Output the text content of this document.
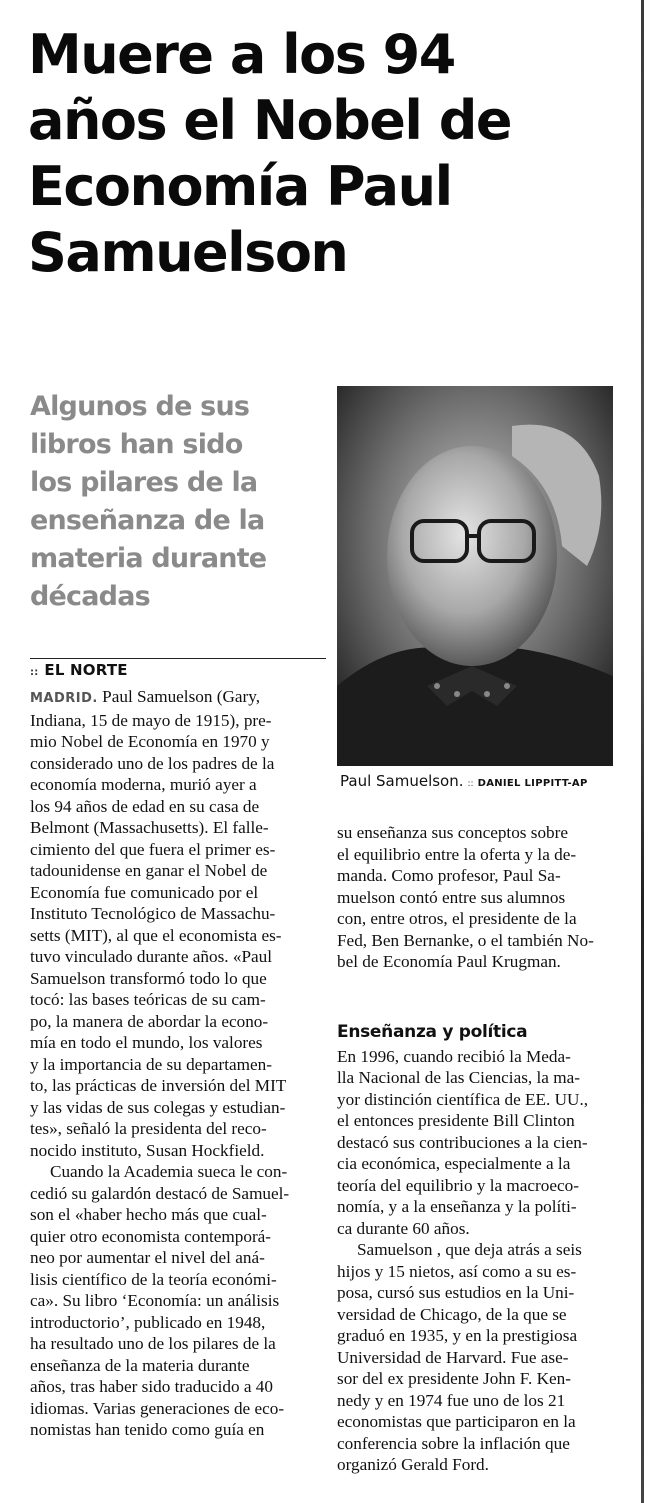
Muere a los 94
años el Nobel de
Economía Paul
Samuelson

Algunos de sus
libros han sido
los pilares de la
enseñanza de la
materia durante
décadas

Paul Samuelson. :: DANIEL LIPPITT-AP
:: EL NORTE
MADRID. Paul Samuelson (Gary,
Indiana, 15 de mayo de 1915), pre-
mio Nobel de Economía en 1970 y
considerado uno de los padres de la
economía moderna, murió ayer a
los 94 años de edad en su casa de
Belmont (Massachusetts). El falle-
cimiento del que fuera el primer es-
tadounidense en ganar el Nobel de
Economía fue comunicado por el
Instituto Tecnológico de Massachu-
setts (MIT), al que el economista es-
tuvo vinculado durante años. «Paul
Samuelson transformó todo lo que
tocó: las bases teóricas de su cam-
po, la manera de abordar la econo-
mía en todo el mundo, los valores
y la importancia de su departamen-
to, las prácticas de inversión del MIT
y las vidas de sus colegas y estudian-
tes», señaló la presidenta del reco-
nocido instituto, Susan Hockfield.
Cuando la Academia sueca le con-
cedió su galardón destacó de Samuel-
son el «haber hecho más que cual-
quier otro economista contemporá-
neo por aumentar el nivel del aná-
lisis científico de la teoría económi-
ca». Su libro ‘Economía: un análisis
introductorio’, publicado en 1948,
ha resultado uno de los pilares de la
enseñanza de la materia durante
años, tras haber sido traducido a 40
idiomas. Varias generaciones de eco-
nomistas han tenido como guía en
su enseñanza sus conceptos sobre
el equilibrio entre la oferta y la de-
manda. Como profesor, Paul Sa-
muelson contó entre sus alumnos
con, entre otros, el presidente de la
Fed, Ben Bernanke, o el también No-
bel de Economía Paul Krugman.
Enseñanza y política
En 1996, cuando recibió la Meda-
lla Nacional de las Ciencias, la ma-
yor distinción científica de EE. UU.,
el entonces presidente Bill Clinton
destacó sus contribuciones a la cien-
cia económica, especialmente a la
teoría del equilibrio y la macroeco-
nomía, y a la enseñanza y la políti-
ca durante 60 años.
Samuelson , que deja atrás a seis
hijos y 15 nietos, así como a su es-
posa, cursó sus estudios en la Uni-
versidad de Chicago, de la que se
graduó en 1935, y en la prestigiosa
Universidad de Harvard. Fue ase-
sor del ex presidente John F. Ken-
nedy y en 1974 fue uno de los 21
economistas que participaron en la
conferencia sobre la inflación que
organizó Gerald Ford.
